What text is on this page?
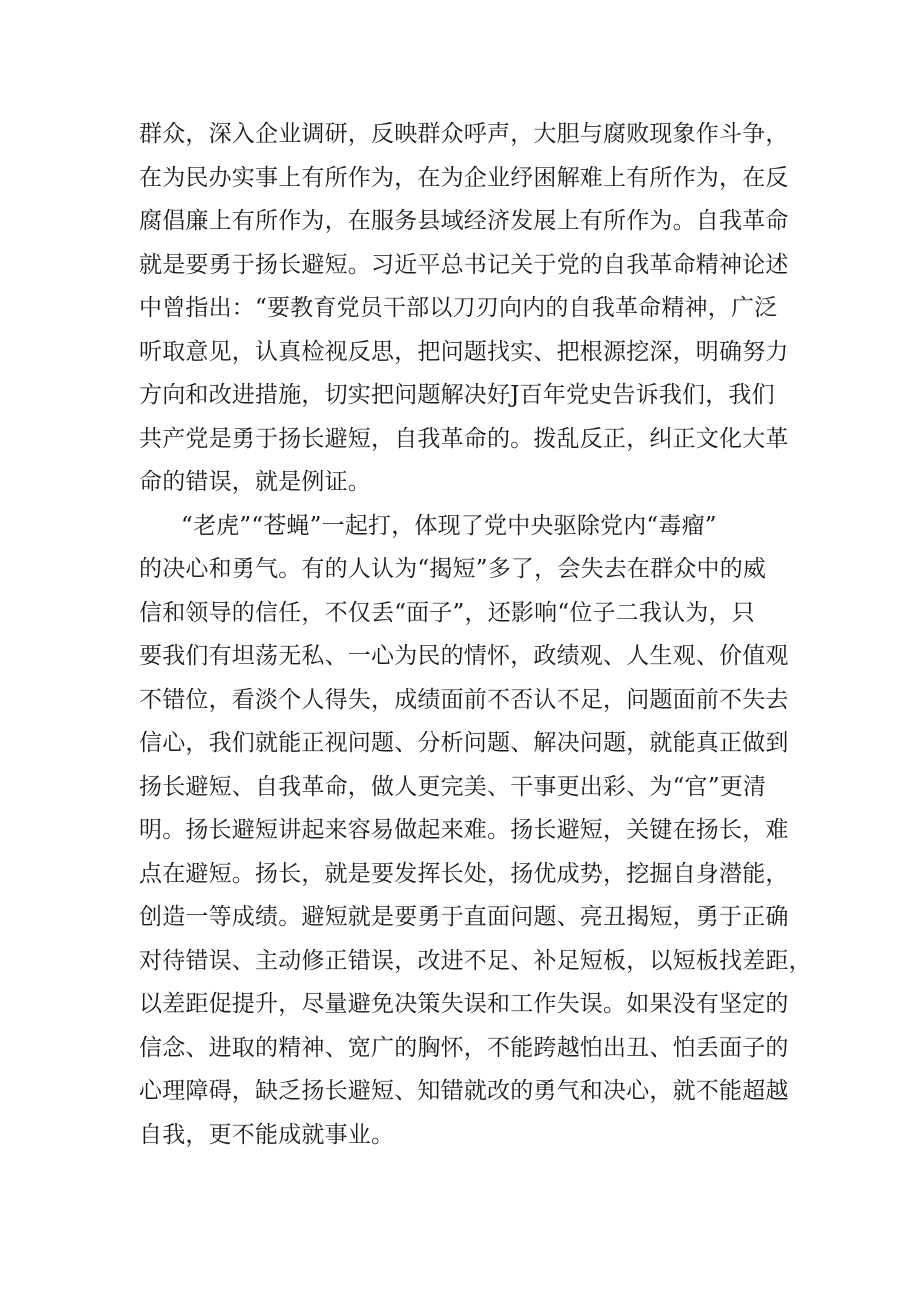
群众，深入企业调研，反映群众呼声，大胆与腐败现象作斗争，
在为民办实事上有所作为，在为企业纾困解难上有所作为，在反
腐倡廉上有所作为，在服务县域经济发展上有所作为。自我革命
就是要勇于扬长避短。习近平总书记关于党的自我革命精神论述
中曾指出：“要教育党员干部以刀刃向内的自我革命精神，广泛
听取意见，认真检视反思，把问题找实、把根源挖深，明确努力
方向和改进措施，切实把问题解决好J百年党史告诉我们，我们
共产党是勇于扬长避短，自我革命的。拨乱反正，纠正文化大革
命的错误，就是例证。
“老虎”“苍蝇”一起打，体现了党中央驱除党内“毒瘤”
的决心和勇气。有的人认为“揭短”多了，会失去在群众中的威
信和领导的信任，不仅丢“面子”，还影响“位子二我认为，只
要我们有坦荡无私、一心为民的情怀，政绩观、人生观、价值观
不错位，看淡个人得失，成绩面前不否认不足，问题面前不失去
信心，我们就能正视问题、分析问题、解决问题，就能真正做到
扬长避短、自我革命，做人更完美、干事更出彩、为“官”更清
明。扬长避短讲起来容易做起来难。扬长避短，关键在扬长，难
点在避短。扬长，就是要发挥长处，扬优成势，挖掘自身潜能，
创造一等成绩。避短就是要勇于直面问题、亮丑揭短，勇于正确
对待错误、主动修正错误，改进不足、补足短板，以短板找差距，
以差距促提升，尽量避免决策失误和工作失误。如果没有坚定的
信念、进取的精神、宽广的胸怀，不能跨越怕出丑、怕丢面子的
心理障碍，缺乏扬长避短、知错就改的勇气和决心，就不能超越
自我，更不能成就事业。
